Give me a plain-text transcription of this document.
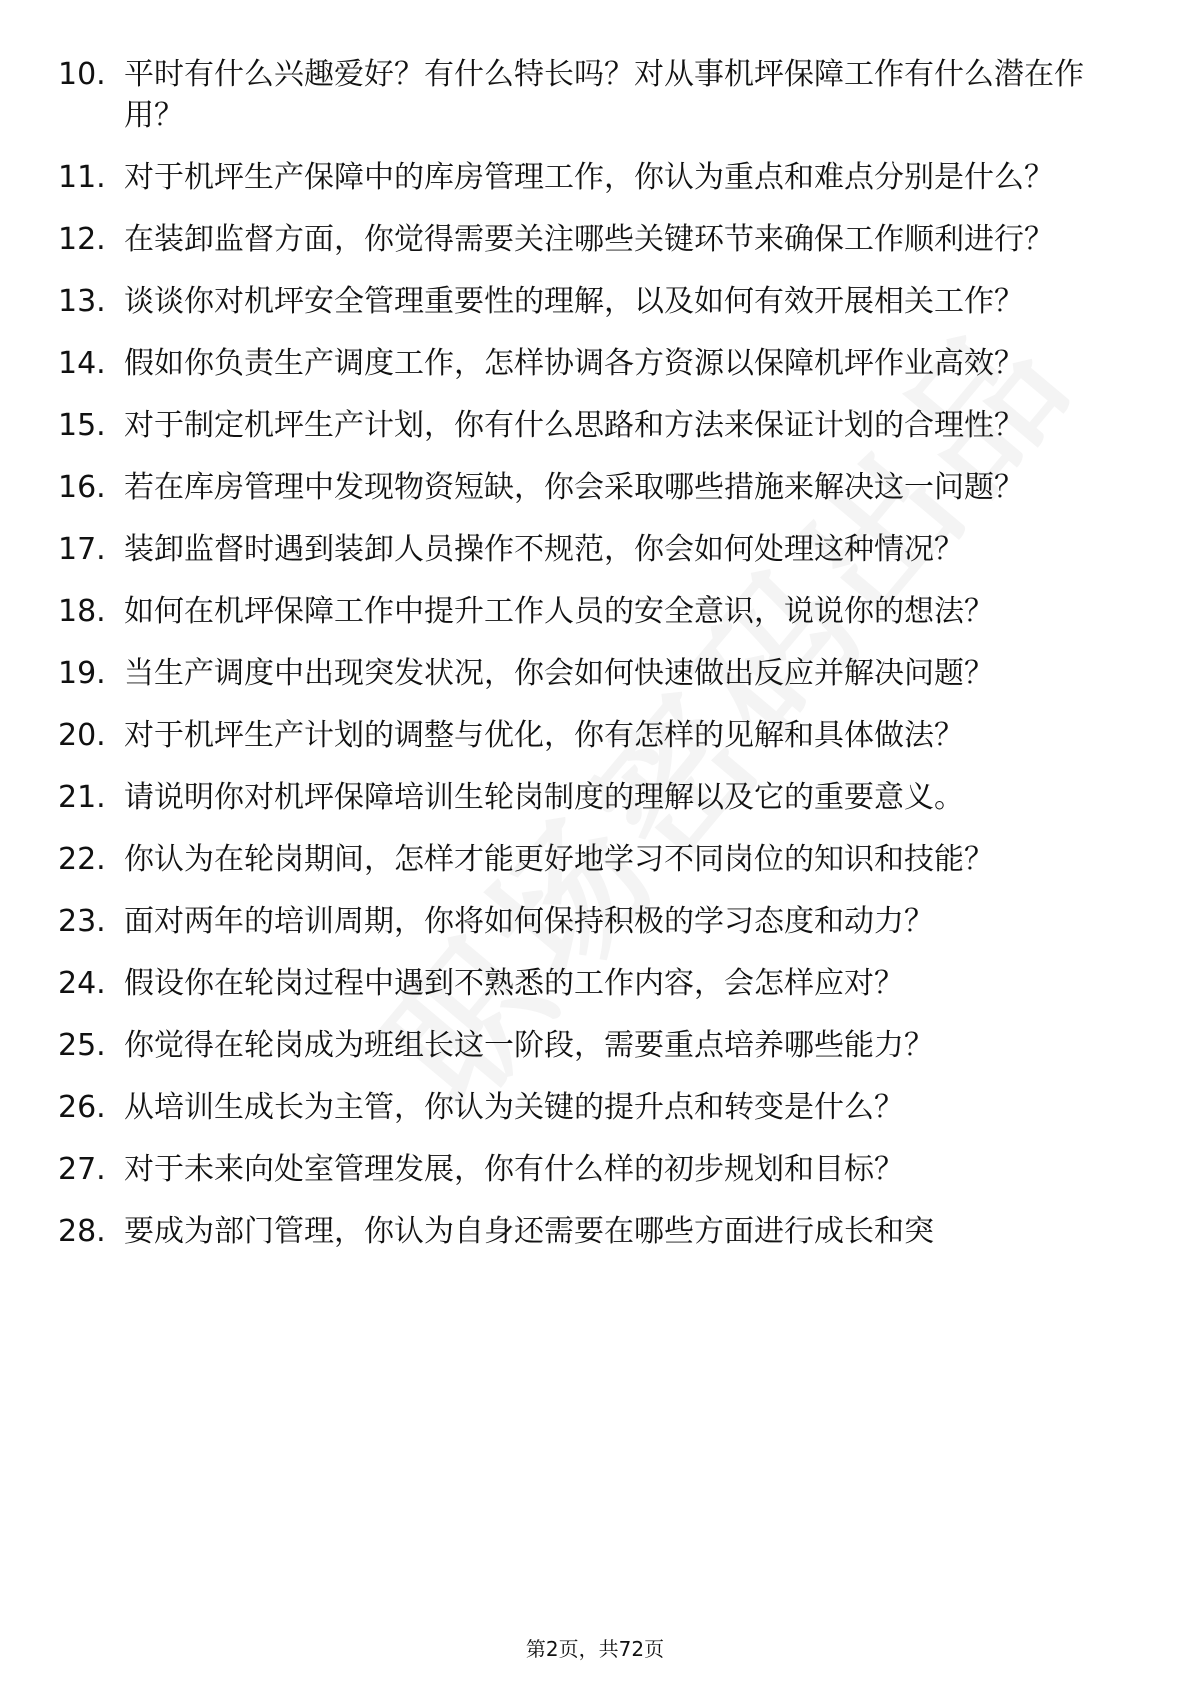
10. 平时有什么兴趣爱好？有什么特长吗？对从事机坪保障工作有什么潜在作用？
11. 对于机坪生产保障中的库房管理工作，你认为重点和难点分别是什么？
12. 在装卸监督方面，你觉得需要关注哪些关键环节来确保工作顺利进行？
13. 谈谈你对机坪安全管理重要性的理解，以及如何有效开展相关工作？
14. 假如你负责生产调度工作，怎样协调各方资源以保障机坪作业高效？
15. 对于制定机坪生产计划，你有什么思路和方法来保证计划的合理性？
16. 若在库房管理中发现物资短缺，你会采取哪些措施来解决这一问题？
17. 装卸监督时遇到装卸人员操作不规范，你会如何处理这种情况？
18. 如何在机坪保障工作中提升工作人员的安全意识，说说你的想法？
19. 当生产调度中出现突发状况，你会如何快速做出反应并解决问题？
20. 对于机坪生产计划的调整与优化，你有怎样的见解和具体做法？
21. 请说明你对机坪保障培训生轮岗制度的理解以及它的重要意义。
22. 你认为在轮岗期间，怎样才能更好地学习不同岗位的知识和技能？
23. 面对两年的培训周期，你将如何保持积极的学习态度和动力？
24. 假设你在轮岗过程中遇到不熟悉的工作内容，会怎样应对？
25. 你觉得在轮岗成为班组长这一阶段，需要重点培养哪些能力？
26. 从培训生成长为主管，你认为关键的提升点和转变是什么？
27. 对于未来向处室管理发展，你有什么样的初步规划和目标？
28. 要成为部门管理，你认为自身还需要在哪些方面进行成长和突
第2页，共72页
